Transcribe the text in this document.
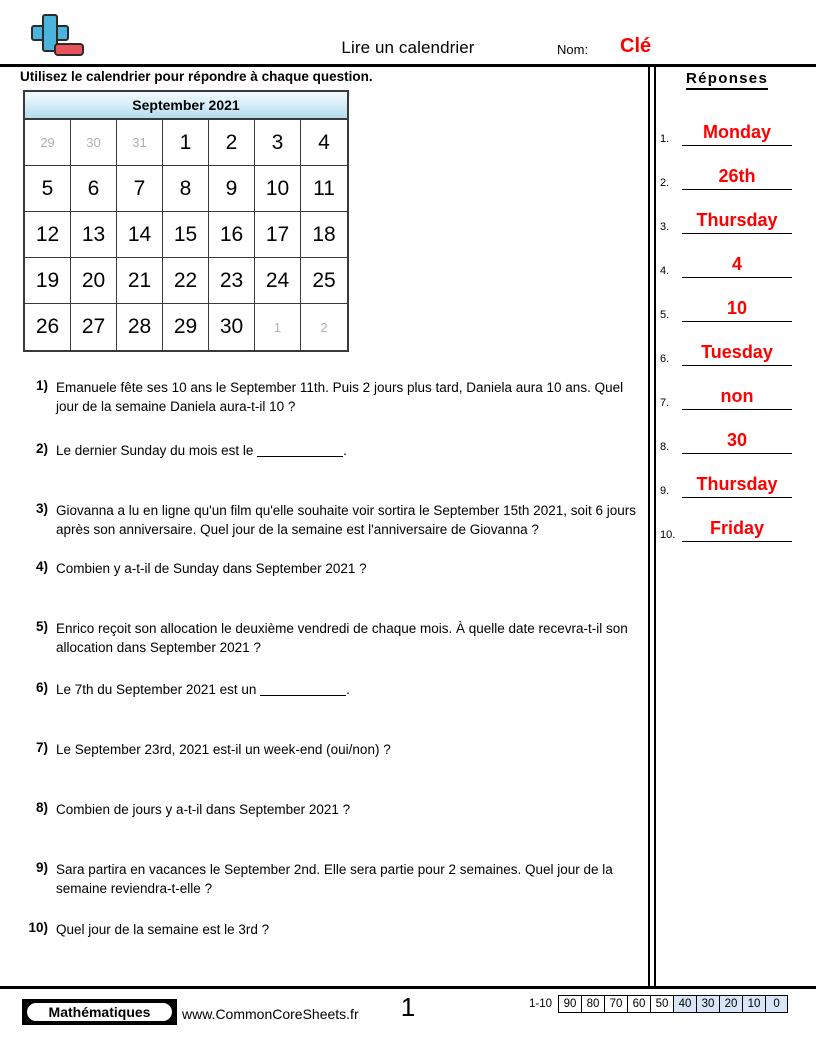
Lire un calendrier	Nom: Clé
Utilisez le calendrier pour répondre à chaque question.
September 2021
29	30	31	1	2	3	4
5	6	7	8	9	10	11
12	13	14	15	16	17	18
19	20	21	22	23	24	25
26	27	28	29	30	1	2
1) Emanuele fête ses 10 ans le September 11th. Puis 2 jours plus tard, Daniela aura 10 ans. Quel jour de la semaine Daniela aura-t-il 10 ?
2) Le dernier Sunday du mois est le	.
3) Giovanna a lu en ligne qu'un film qu'elle souhaite voir sortira le September 15th 2021, soit 6 jours après son anniversaire. Quel jour de la semaine est l'anniversaire de Giovanna ?
4) Combien y a-t-il de Sunday dans September 2021 ?
5) Enrico reçoit son allocation le deuxième vendredi de chaque mois. À quelle date recevra-t-il son allocation dans September 2021 ?
6) Le 7th du September 2021 est un	.
7) Le September 23rd, 2021 est-il un week-end (oui/non) ?
8) Combien de jours y a-t-il dans September 2021 ?
9) Sara partira en vacances le September 2nd. Elle sera partie pour 2 semaines. Quel jour de la semaine reviendra-t-elle ?
10) Quel jour de la semaine est le 3rd ?
Réponses
1.	Monday
2.	26th
3.	Thursday
4.	4
5.	10
6.	Tuesday
7.	non
8.	30
9.	Thursday
10.	Friday
1
Mathématiques	www.CommonCoreSheets.fr
1-10	90 80 70 60 50 40 30 20 10	0
